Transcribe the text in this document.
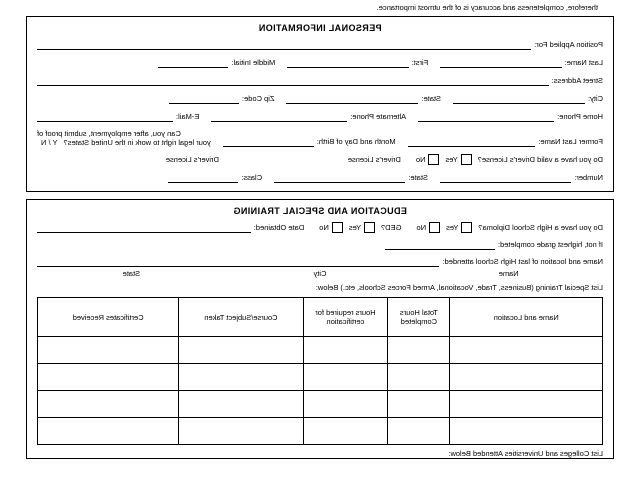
therefore, completeness and accuracy is of the utmost importance.
PERSONAL INFORMATION
Position Applied For:
Last Name:
First:
Middle Initial:
Street Address:
City:
State:
Zip Code:
Home Phone:
Alternate Phone:
E-Mail:
Former Last Name:
Month and Day of Birth:
Can you, after employment, submit proof of
your legal right to work in the United States? Y / N
Do you have a valid Driver's License?
Yes
No
Driver's License
Driver's License
Number:
State:
Class:
EDUCATION AND SPECIAL TRAINING
Do you have a High School Diploma?
Yes
No
GED?
Yes
No
Date Obtained:
If not, highest grade completed:
Name and location of last High School attended:
Name
City
State
List Special Training (Business, Trade, Vocational, Armed Forces Schools, etc.) Below:
Name and Location	Total Hours Completed	Hours required for certification	Course/Subject Taken	Certificates Received

List Colleges and Universities Attended Below:
